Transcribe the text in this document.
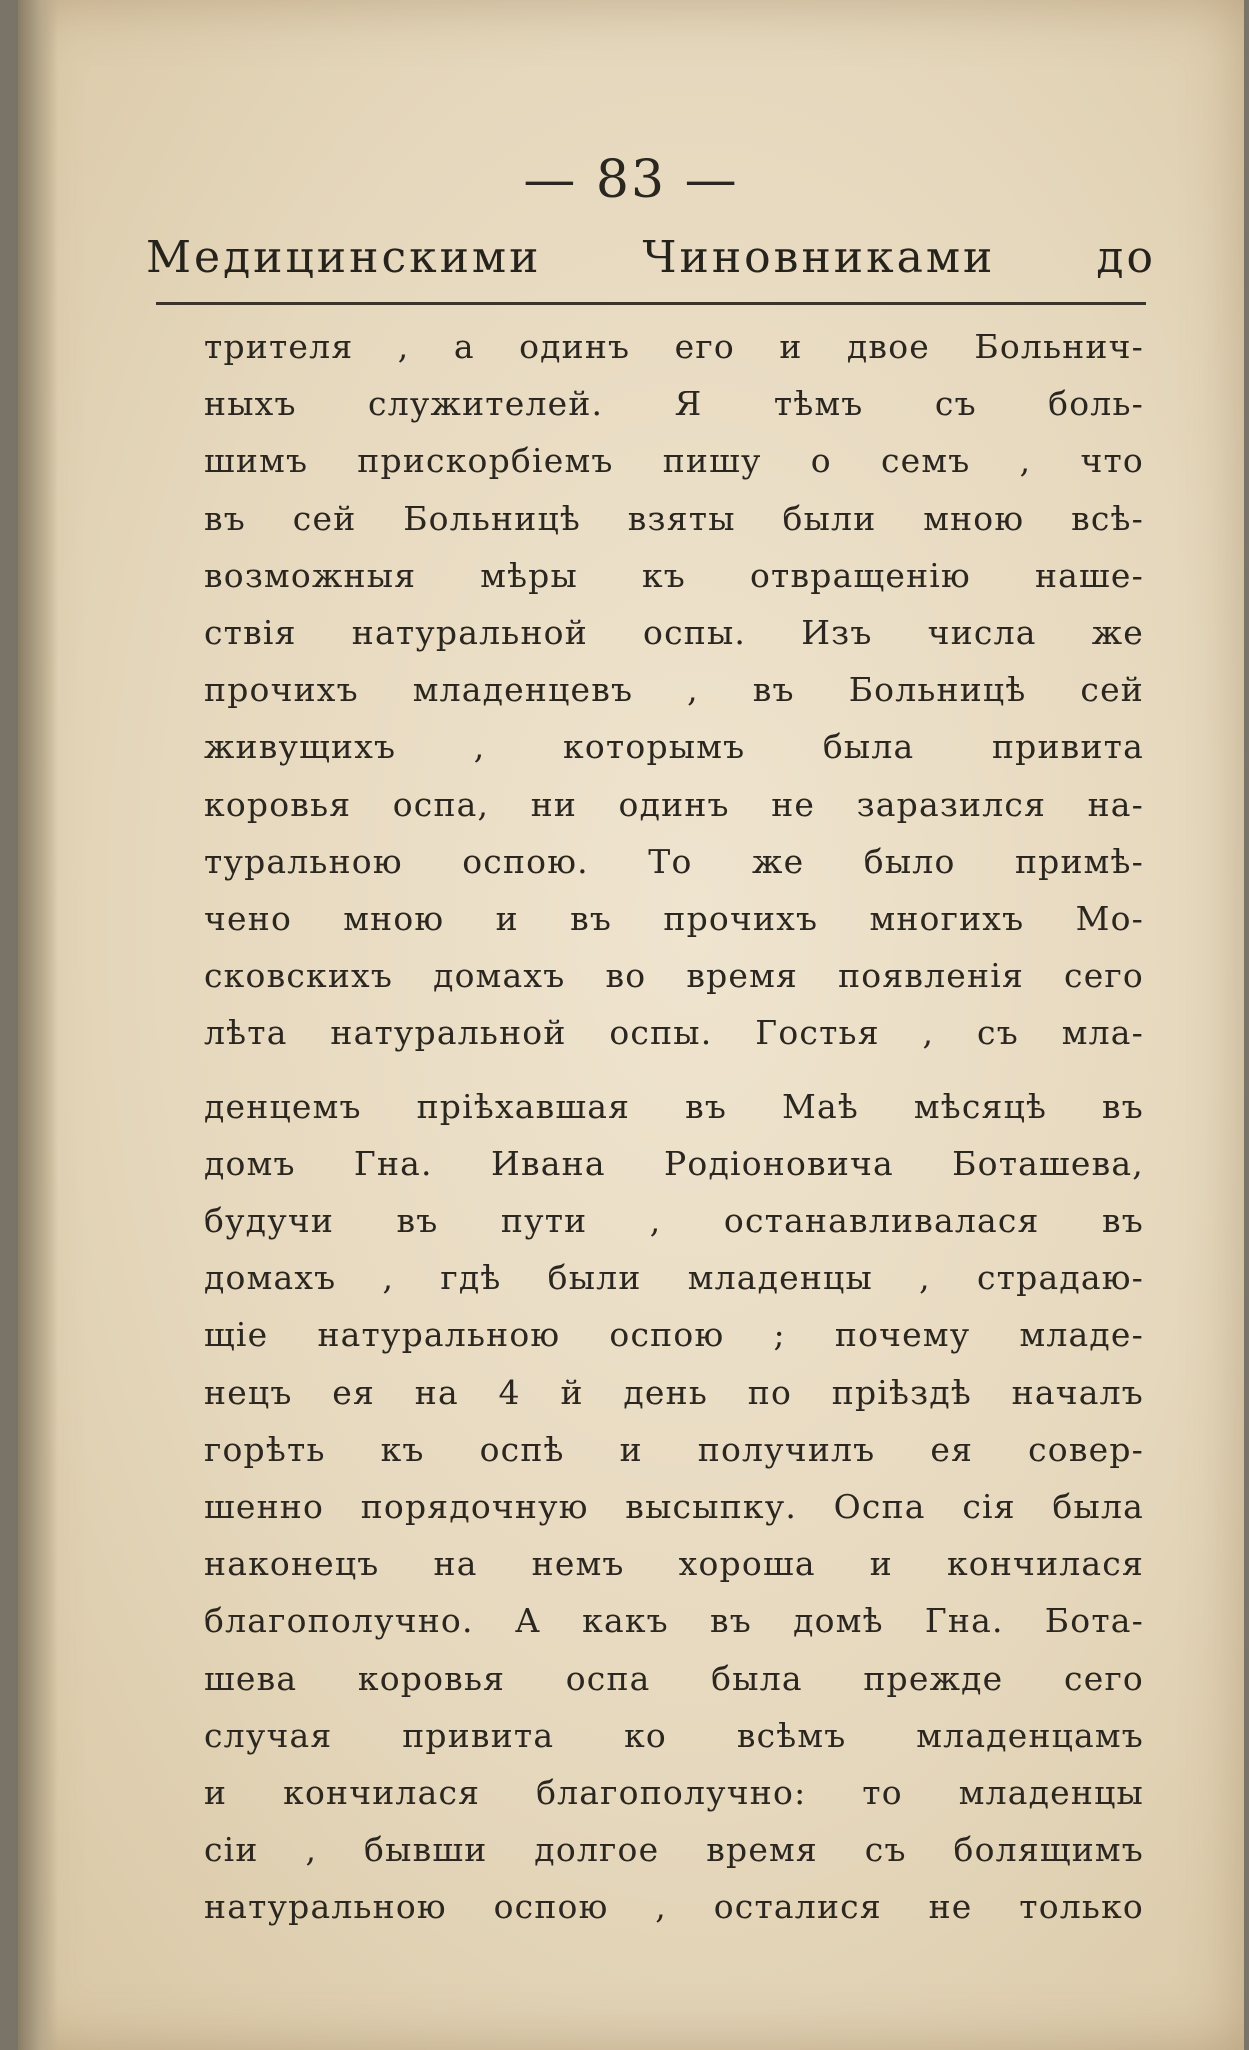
— 83 —
Медицинскими Чиновниками до
трителя , а одинъ его и двое Больнич-
ныхъ служителей. Я тѣмъ съ боль-
шимъ прискорбіемъ пишу о семъ , что
въ сей Больницѣ взяты были мною всѣ-
возможныя мѣры къ отвращенію наше-
ствія натуральной оспы. Изъ числа же
прочихъ младенцевъ , въ Больницѣ сей
живущихъ , которымъ была привита
коровья оспа, ни одинъ не заразился на-
туральною оспою. То же было примѣ-
чено мною и въ прочихъ многихъ Мо-
сковскихъ домахъ во время появленія сего
лѣта натуральной оспы. Гостья , съ мла-
денцемъ пріѣхавшая въ Маѣ мѣсяцѣ въ
домъ Гна. Ивана Родіоновича Боташева,
будучи въ пути , останавливалася въ
домахъ , гдѣ были младенцы , страдаю-
щіе натуральною оспою ; почему младе-
нецъ ея на 4 й день по пріѣздѣ началъ
горѣть къ оспѣ и получилъ ея совер-
шенно порядочную высыпку. Оспа сія была
наконецъ на немъ хороша и кончилася
благополучно. А какъ въ домѣ Гна. Бота-
шева коровья оспа была прежде сего
случая привита ко всѣмъ младенцамъ
и кончилася благополучно: то младенцы
сіи , бывши долгое время съ болящимъ
натуральною оспою , осталися не только
